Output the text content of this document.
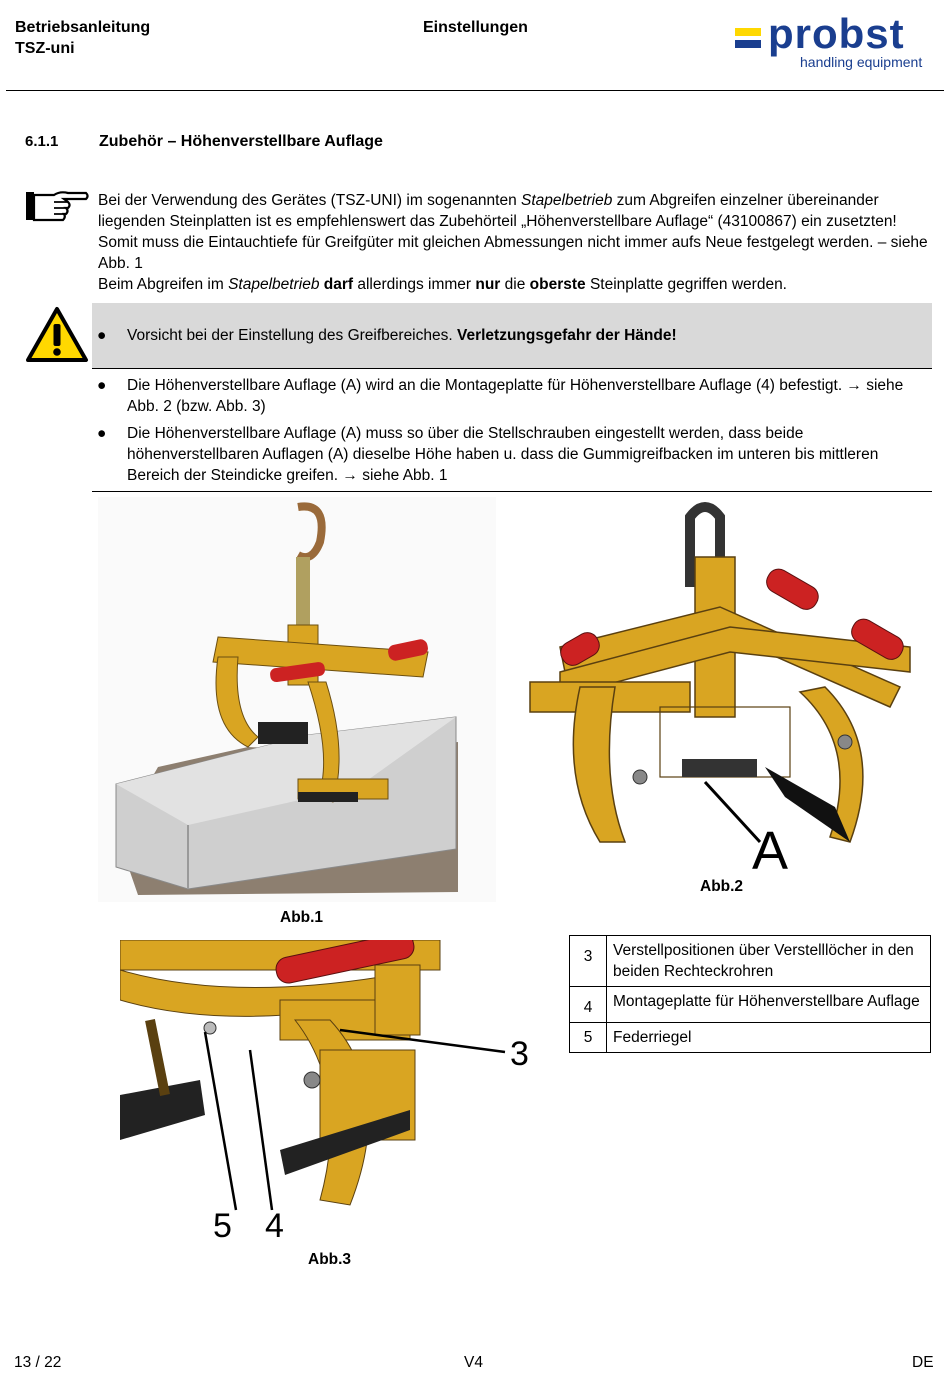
Betriebsanleitung
TSZ-uni
Einstellungen	probst
handling equipment
6.1.1	Zubehör – Höhenverstellbare Auflage
Bei der Verwendung des Gerätes (TSZ-UNI) im sogenannten Stapelbetrieb zum Abgreifen einzelner übereinander liegenden Steinplatten ist es empfehlenswert das Zubehörteil „Höhenverstellbare Auflage“ (43100867) ein zusetzten! Somit muss die Eintauchtiefe für Greifgüter mit gleichen Abmessungen nicht immer aufs Neue festgelegt werden. – siehe Abb. 1
Beim Abgreifen im Stapelbetrieb darf allerdings immer nur die oberste Steinplatte gegriffen werden.
● Vorsicht bei der Einstellung des Greifbereiches. Verletzungsgefahr der Hände!
● Die Höhenverstellbare Auflage (A) wird an die Montageplatte für Höhenverstellbare Auflage (4) befestigt. → siehe Abb. 2 (bzw. Abb. 3)
● Die Höhenverstellbare Auflage (A) muss so über die Stellschrauben eingestellt werden, dass beide höhenverstellbaren Auflagen (A) dieselbe Höhe haben u. dass die Gummigreifbacken im unteren bis mittleren Bereich der Steindicke greifen. → siehe Abb. 1
Abb.1
A
Abb.2
3
4
5
Abb.3
3	Verstellpositionen über Verstelllöcher in den beiden Rechteckrohren
4	Montageplatte für Höhenverstellbare Auflage
5	Federriegel
13 / 22	V4	DE
